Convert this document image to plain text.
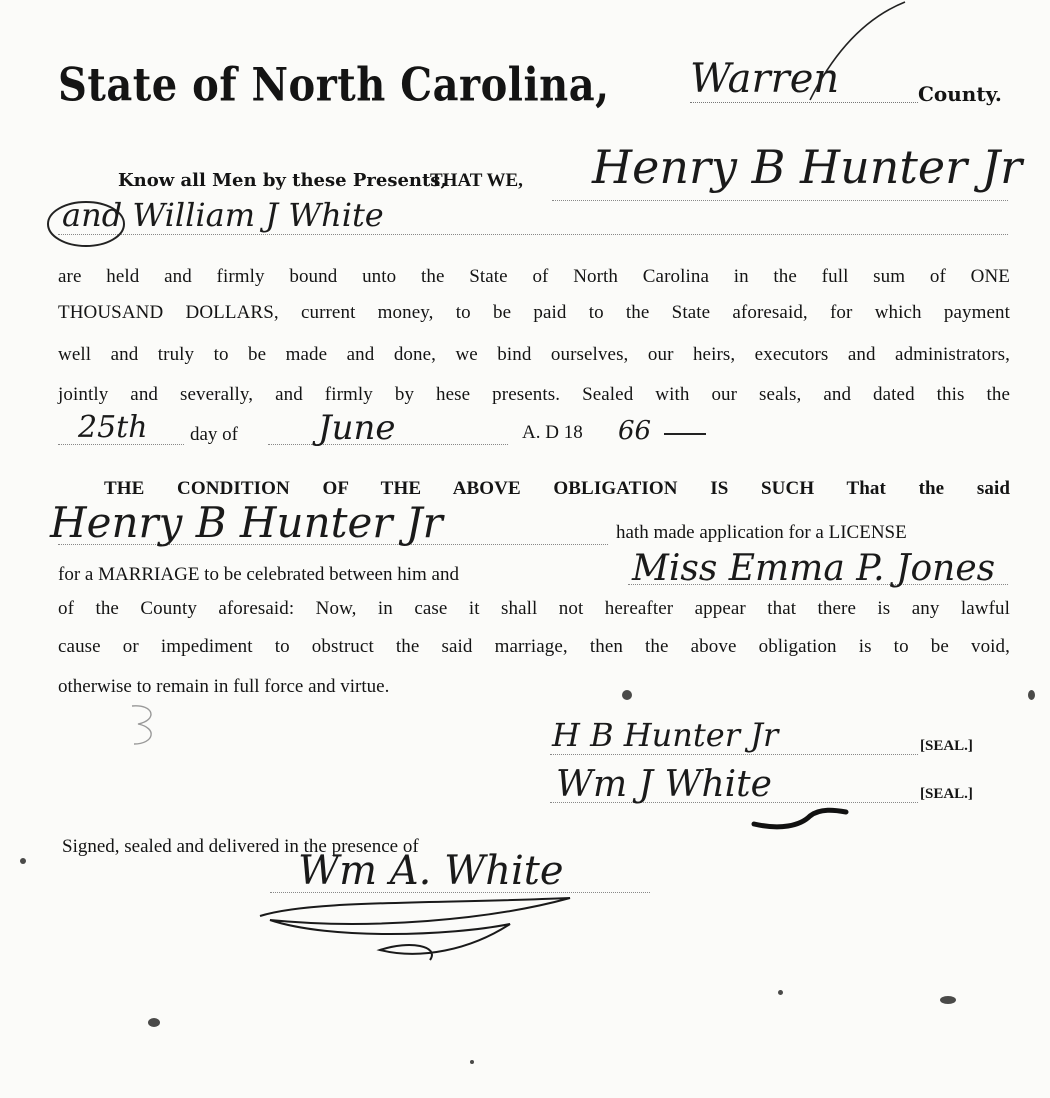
State of North Carolina, Warren	County.
Know all Men by these Presents,
THAT WE, Henry B Hunter Jr
and William J White
are held and firmly bound unto the State of North Carolina in the full sum of ONE
THOUSAND DOLLARS, current money, to be paid to the State aforesaid, for which payment
well and truly to be made and done, we bind ourselves, our heirs, executors and administrators,
jointly and severally, and firmly by hese presents. Sealed with our seals, and dated this the
25th day of June	A. D 18 66
THE CONDITION OF THE ABOVE OBLIGATION IS SUCH That the said
Henry B Hunter Jr	hath made application for a LICENSE
for a MARRIAGE to be celebrated between him and	Miss Emma P. Jones
of the County aforesaid: Now, in case it shall not hereafter appear that there is any lawful
cause or impediment to obstruct the said marriage, then the above obligation is to be void,
otherwise to remain in full force and virtue.
H B Hunter Jr	[SEAL.]
Wm J White	[SEAL.]
Signed, sealed and delivered in the presence of
Wm A. White
